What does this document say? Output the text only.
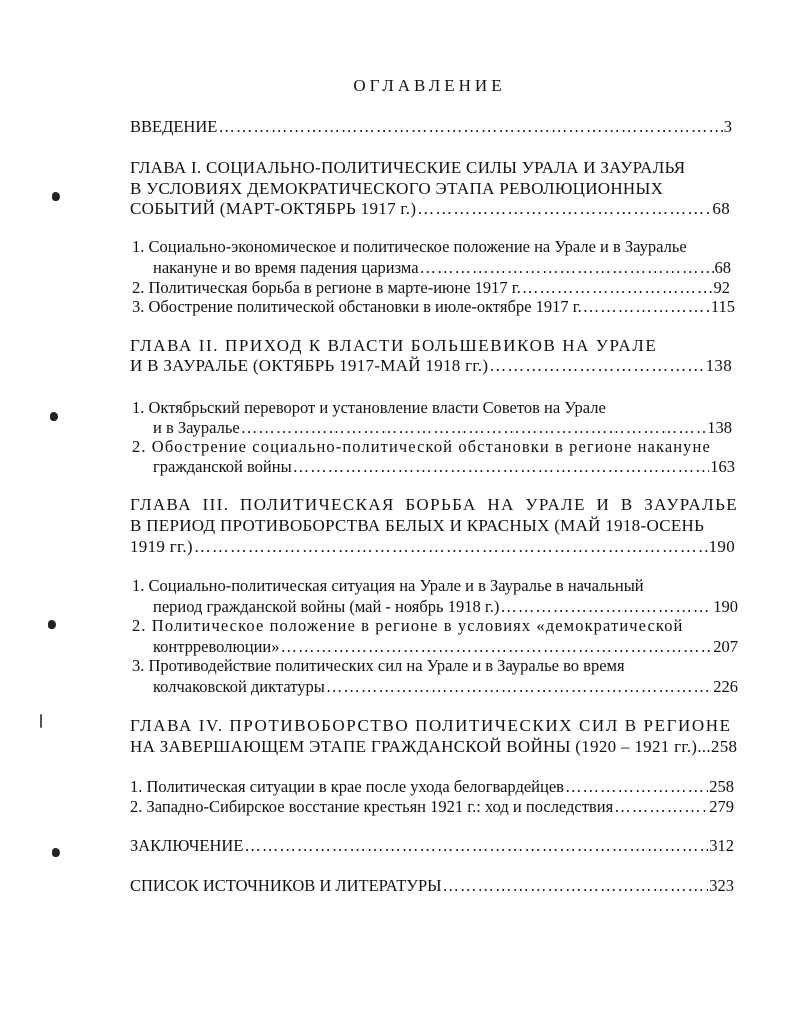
ОГЛАВЛЕНИЕ
ВВЕДЕНИЕ ……………………………………………………………………………………………………………………………………………………	3
ГЛАВА I. СОЦИАЛЬНО-ПОЛИТИЧЕСКИЕ СИЛЫ УРАЛА И ЗАУРАЛЬЯ
В УСЛОВИЯХ ДЕМОКРАТИЧЕСКОГО ЭТАПА РЕВОЛЮЦИОННЫХ
СОБЫТИЙ (МАРТ-ОКТЯБРЬ 1917 г.) ……………………………………………………………………………………………………………………………………………………	68
1. Социально-экономическое и политическое положение на Урале и в Зауралье
накануне и во время падения царизма ……………………………………………………………………………………………………………………………………………………	68
2. Политическая борьба в регионе в марте-июне 1917 г. ……………………………………………………………………………………………………………………………………………………	92
3. Обострение политической обстановки в июле-октябре 1917 г. ……………………………………………………………………………………………………………………………………………………	115
ГЛАВА II. ПРИХОД К ВЛАСТИ БОЛЬШЕВИКОВ НА УРАЛЕ
И В ЗАУРАЛЬЕ (ОКТЯБРЬ 1917-МАЙ 1918 гг.) ……………………………………………………………………………………………………………………………………………………	138
1. Октябрьский переворот и установление власти Советов на Урале
и в Зауралье ……………………………………………………………………………………………………………………………………………………	138
2. Обострение социально-политической обстановки в регионе накануне
гражданской войны ……………………………………………………………………………………………………………………………………………………	163
ГЛАВА III. ПОЛИТИЧЕСКАЯ БОРЬБА НА УРАЛЕ И В ЗАУРАЛЬЕ
В ПЕРИОД ПРОТИВОБОРСТВА БЕЛЫХ И КРАСНЫХ (МАЙ 1918-ОСЕНЬ
1919 гг.) ……………………………………………………………………………………………………………………………………………………	190
1. Социально-политическая ситуация на Урале и в Зауралье в начальный
период гражданской войны (май - ноябрь 1918 г.) ……………………………………………………………………………………………………………………………………………………	190
2. Политическое положение в регионе в условиях «демократической
контрреволюции» ……………………………………………………………………………………………………………………………………………………	207
3. Противодействие политических сил на Урале и в Зауралье во время
колчаковской диктатуры ……………………………………………………………………………………………………………………………………………………	226
ГЛАВА IV. ПРОТИВОБОРСТВО ПОЛИТИЧЕСКИХ СИЛ В РЕГИОНЕ
НА ЗАВЕРШАЮЩЕМ ЭТАПЕ ГРАЖДАНСКОЙ ВОЙНЫ (1920 – 1921 гг.)...258
1. Политическая ситуации в крае после ухода белогвардейцев ……………………………………………………………………………………………………………………………………………………	258
2. Западно-Сибирское восстание крестьян 1921 г.: ход и последствия ……………………………………………………………………………………………………………………………………………………	279
ЗАКЛЮЧЕНИЕ ……………………………………………………………………………………………………………………………………………………	312
СПИСОК ИСТОЧНИКОВ И ЛИТЕРАТУРЫ ……………………………………………………………………………………………………………………………………………………	323
